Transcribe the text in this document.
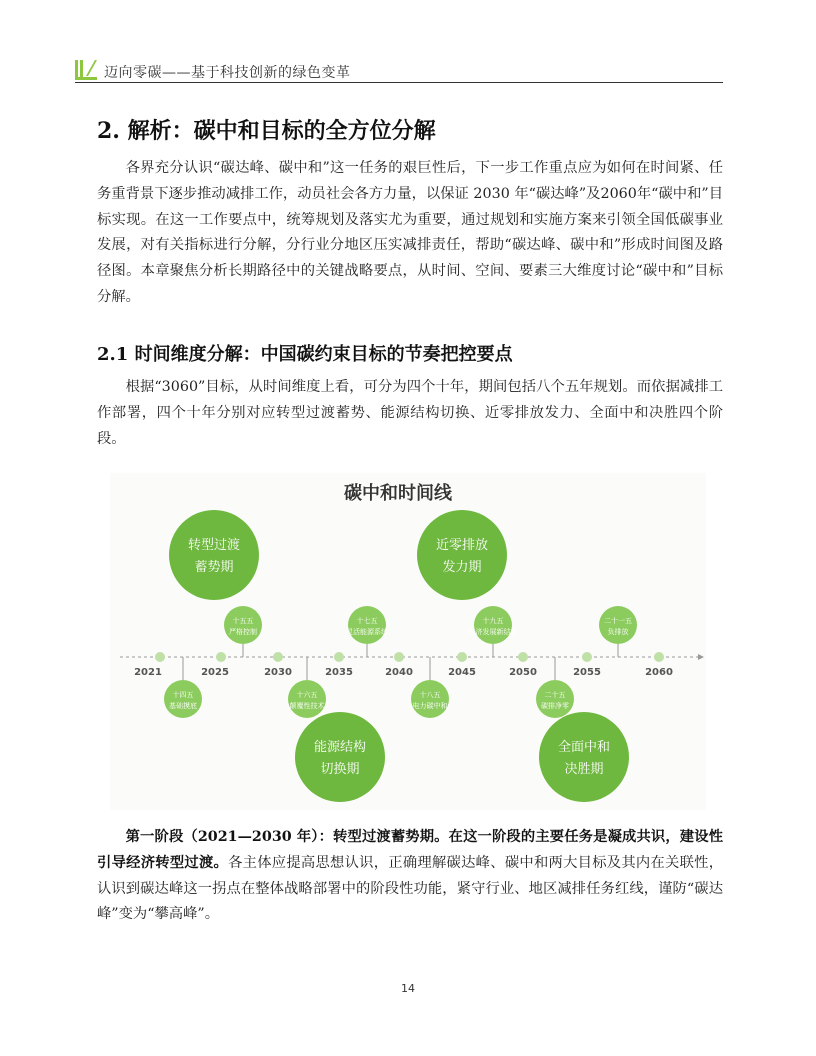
迈向零碳——基于科技创新的绿色变革
2. 解析：碳中和目标的全方位分解

各界充分认识“碳达峰、碳中和”这一任务的艰巨性后，下一步工作重点应为如何在时间紧、任务重背景下逐步推动减排工作，动员社会各方力量，以保证 2030 年“碳达峰”及2060年“碳中和”目标实现。在这一工作要点中，统筹规划及落实尤为重要，通过规划和实施方案来引领全国低碳事业发展，对有关指标进行分解，分行业分地区压实减排责任，帮助“碳达峰、碳中和”形成时间图及路径图。本章聚焦分析长期路径中的关键战略要点，从时间、空间、要素三大维度讨论“碳中和”目标分解。

2.1 时间维度分解：中国碳约束目标的节奏把控要点

根据“3060”目标，从时间维度上看，可分为四个十年，期间包括八个五年规划。而依据减排工作部署，四个十年分别对应转型过渡蓄势、能源结构切换、近零排放发力、全面中和决胜四个阶段。

碳中和时间线
2021	2025	2030	2035	2040	2045	2050	2055	2060
十四五
基础摸底
十五五
严格控制
十六五
颠覆性技术
十七五
灵活能源系统
十八五
电力碳中和
十九五
经济发展新结构
二十五
碳排净零
二十一五
负排放
转型过渡
蓄势期
能源结构
切换期
近零排放
发力期
全面中和
决胜期

第一阶段（2021—2030 年）：转型过渡蓄势期。在这一阶段的主要任务是凝成共识，建设性引导经济转型过渡。各主体应提高思想认识，正确理解碳达峰、碳中和两大目标及其内在关联性，认识到碳达峰这一拐点在整体战略部署中的阶段性功能，紧守行业、地区减排任务红线，谨防“碳达峰”变为“攀高峰”。

14
